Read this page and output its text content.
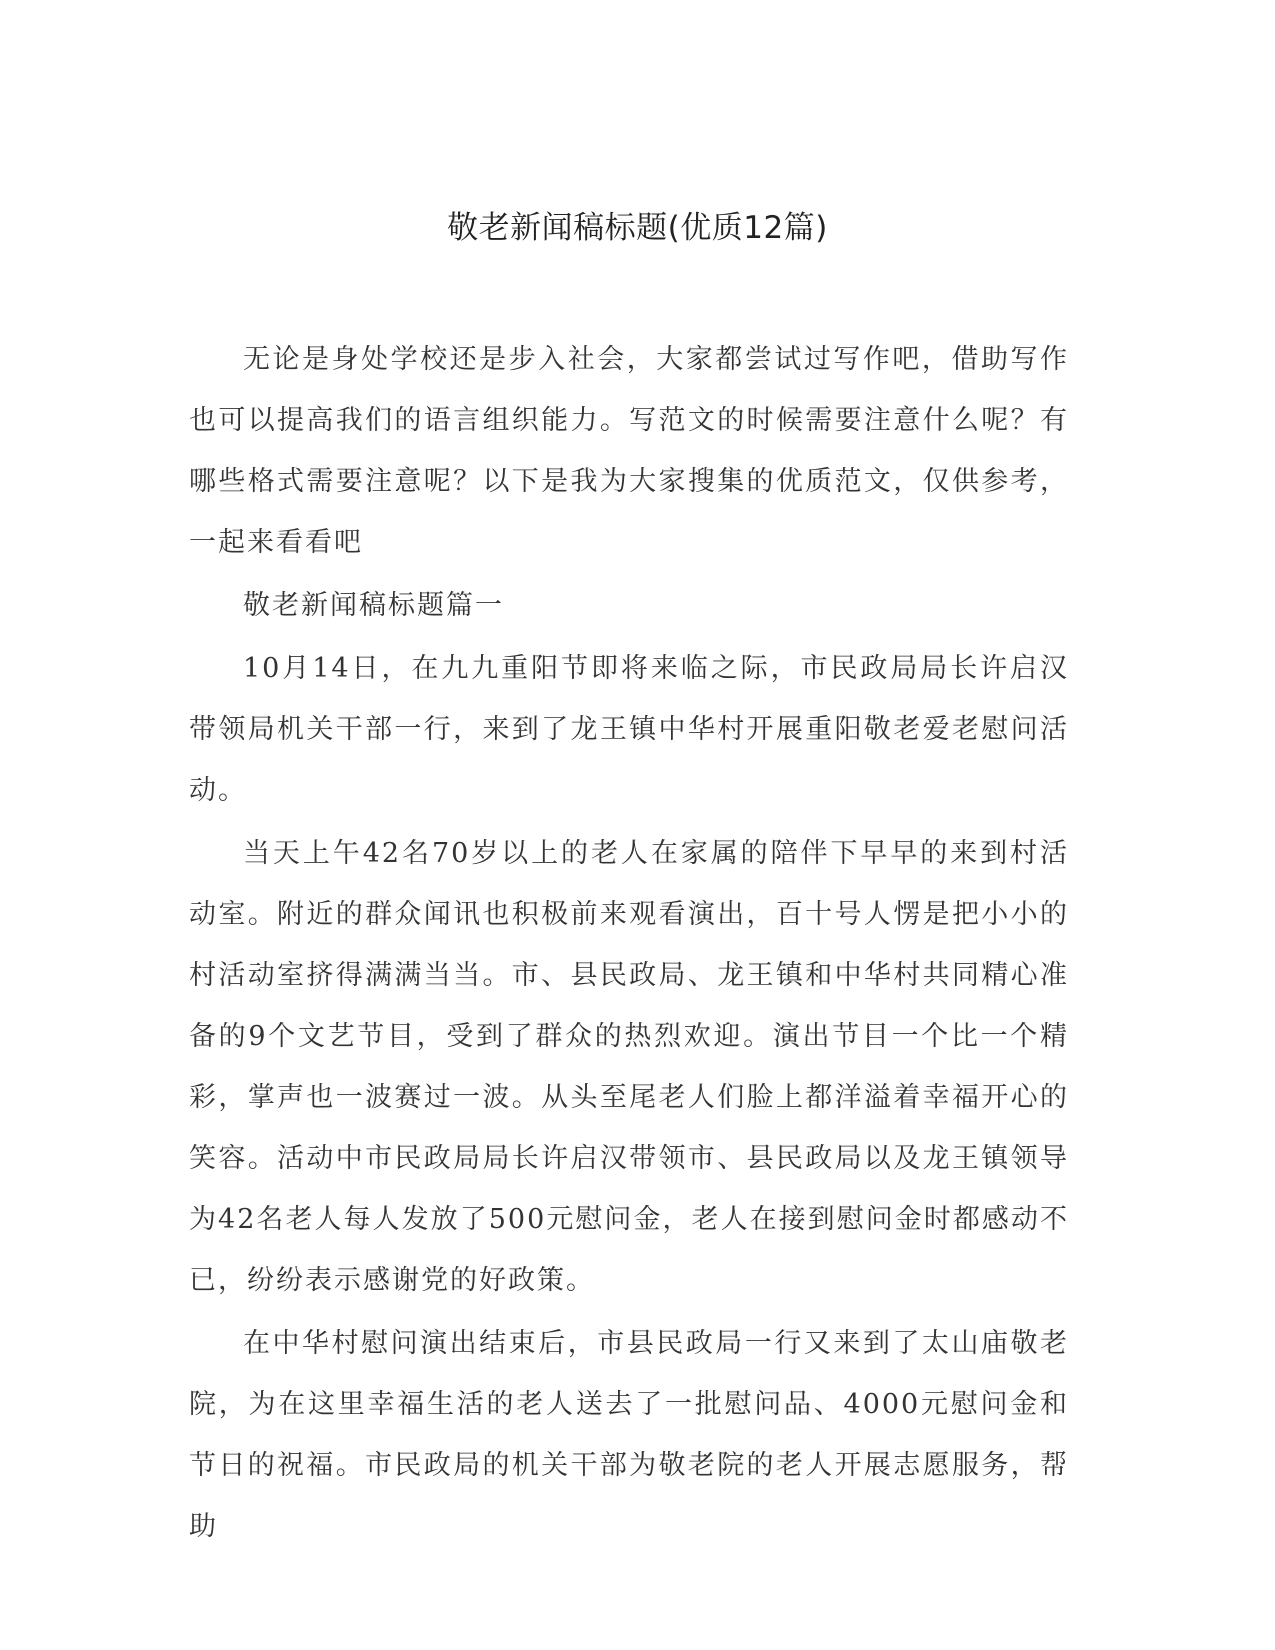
敬老新闻稿标题(优质12篇)

无论是身处学校还是步入社会，大家都尝试过写作吧，借助写作也可以提高我们的语言组织能力。写范文的时候需要注意什么呢？有哪些格式需要注意呢？以下是我为大家搜集的优质范文，仅供参考，一起来看看吧

敬老新闻稿标题篇一

10月14日，在九九重阳节即将来临之际，市民政局局长许启汉带领局机关干部一行，来到了龙王镇中华村开展重阳敬老爱老慰问活动。

当天上午42名70岁以上的老人在家属的陪伴下早早的来到村活动室。附近的群众闻讯也积极前来观看演出，百十号人愣是把小小的村活动室挤得满满当当。市、县民政局、龙王镇和中华村共同精心准备的9个文艺节目，受到了群众的热烈欢迎。演出节目一个比一个精彩，掌声也一波赛过一波。从头至尾老人们脸上都洋溢着幸福开心的笑容。活动中市民政局局长许启汉带领市、县民政局以及龙王镇领导为42名老人每人发放了500元慰问金，老人在接到慰问金时都感动不已，纷纷表示感谢党的好政策。

在中华村慰问演出结束后，市县民政局一行又来到了太山庙敬老院，为在这里幸福生活的老人送去了一批慰问品、4000元慰问金和节日的祝福。市民政局的机关干部为敬老院的老人开展志愿服务，帮助
